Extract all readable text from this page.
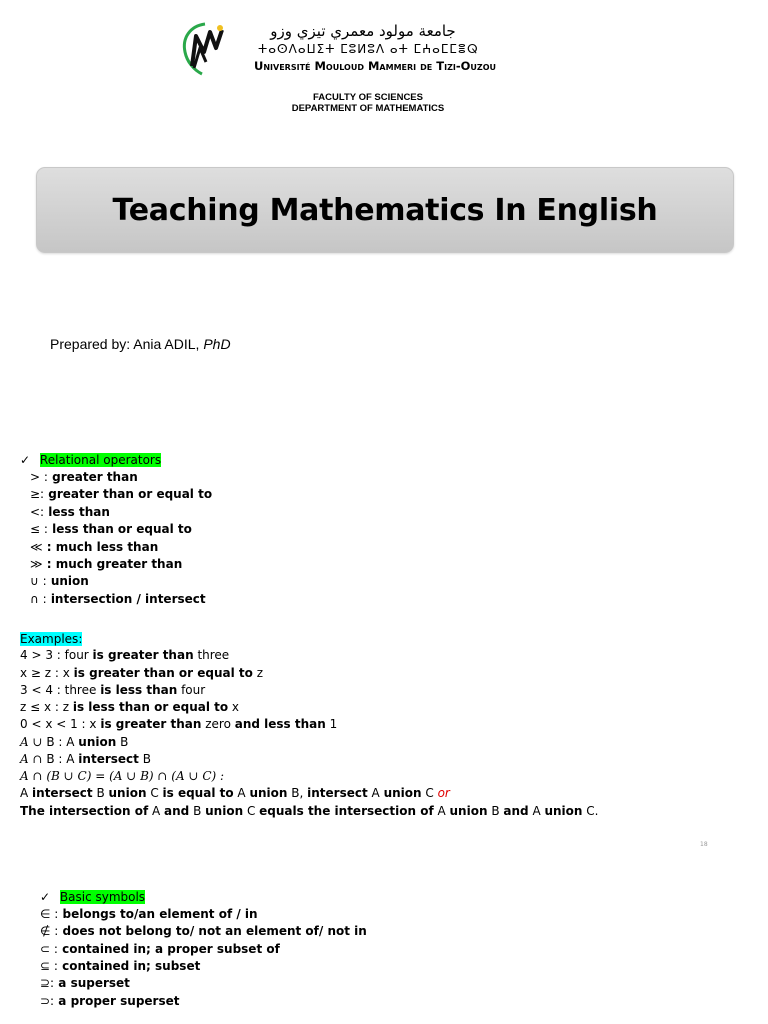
جامعة مولود معمري تيزي وزو
ⵜⴰⵙⴷⴰⵡⵉⵜ ⵎⵓⵍⵓⴷ ⴰⵜ ⵎⵄⴰⵎⵎⴻⵕ
Université Mouloud Mammeri de Tizi-Ouzou
FACULTY OF SCIENCES
DEPARTMENT OF MATHEMATICS
Teaching Mathematics In English
Prepared by: Ania ADIL, PhD
✓ Relational operators
> : greater than
≥: greater than or equal to
<: less than
≤ : less than or equal to
≪ : much less than
≫ : much greater than
∪ : union
∩ : intersection / intersect
Examples:
4 > 3 : four is greater than three
x ≥ z : x is greater than or equal to z
3 < 4 : three is less than four
z ≤ x : z is less than or equal to x
0 < x < 1 : x is greater than zero and less than 1
A ∪ B : A union B
A ∩ B : A intersect B
A ∩ (B ∪ C) = (A ∪ B) ∩ (A ∪ C) :
A intersect B union C is equal to A union B, intersect A union C or
The intersection of A and B union C equals the intersection of A union B and A union C.
18
✓ Basic symbols
∈ : belongs to/an element of / in
∉ : does not belong to/ not an element of/ not in
⊂ : contained in; a proper subset of
⊆ : contained in; subset
⊇: a superset
⊃: a proper superset
